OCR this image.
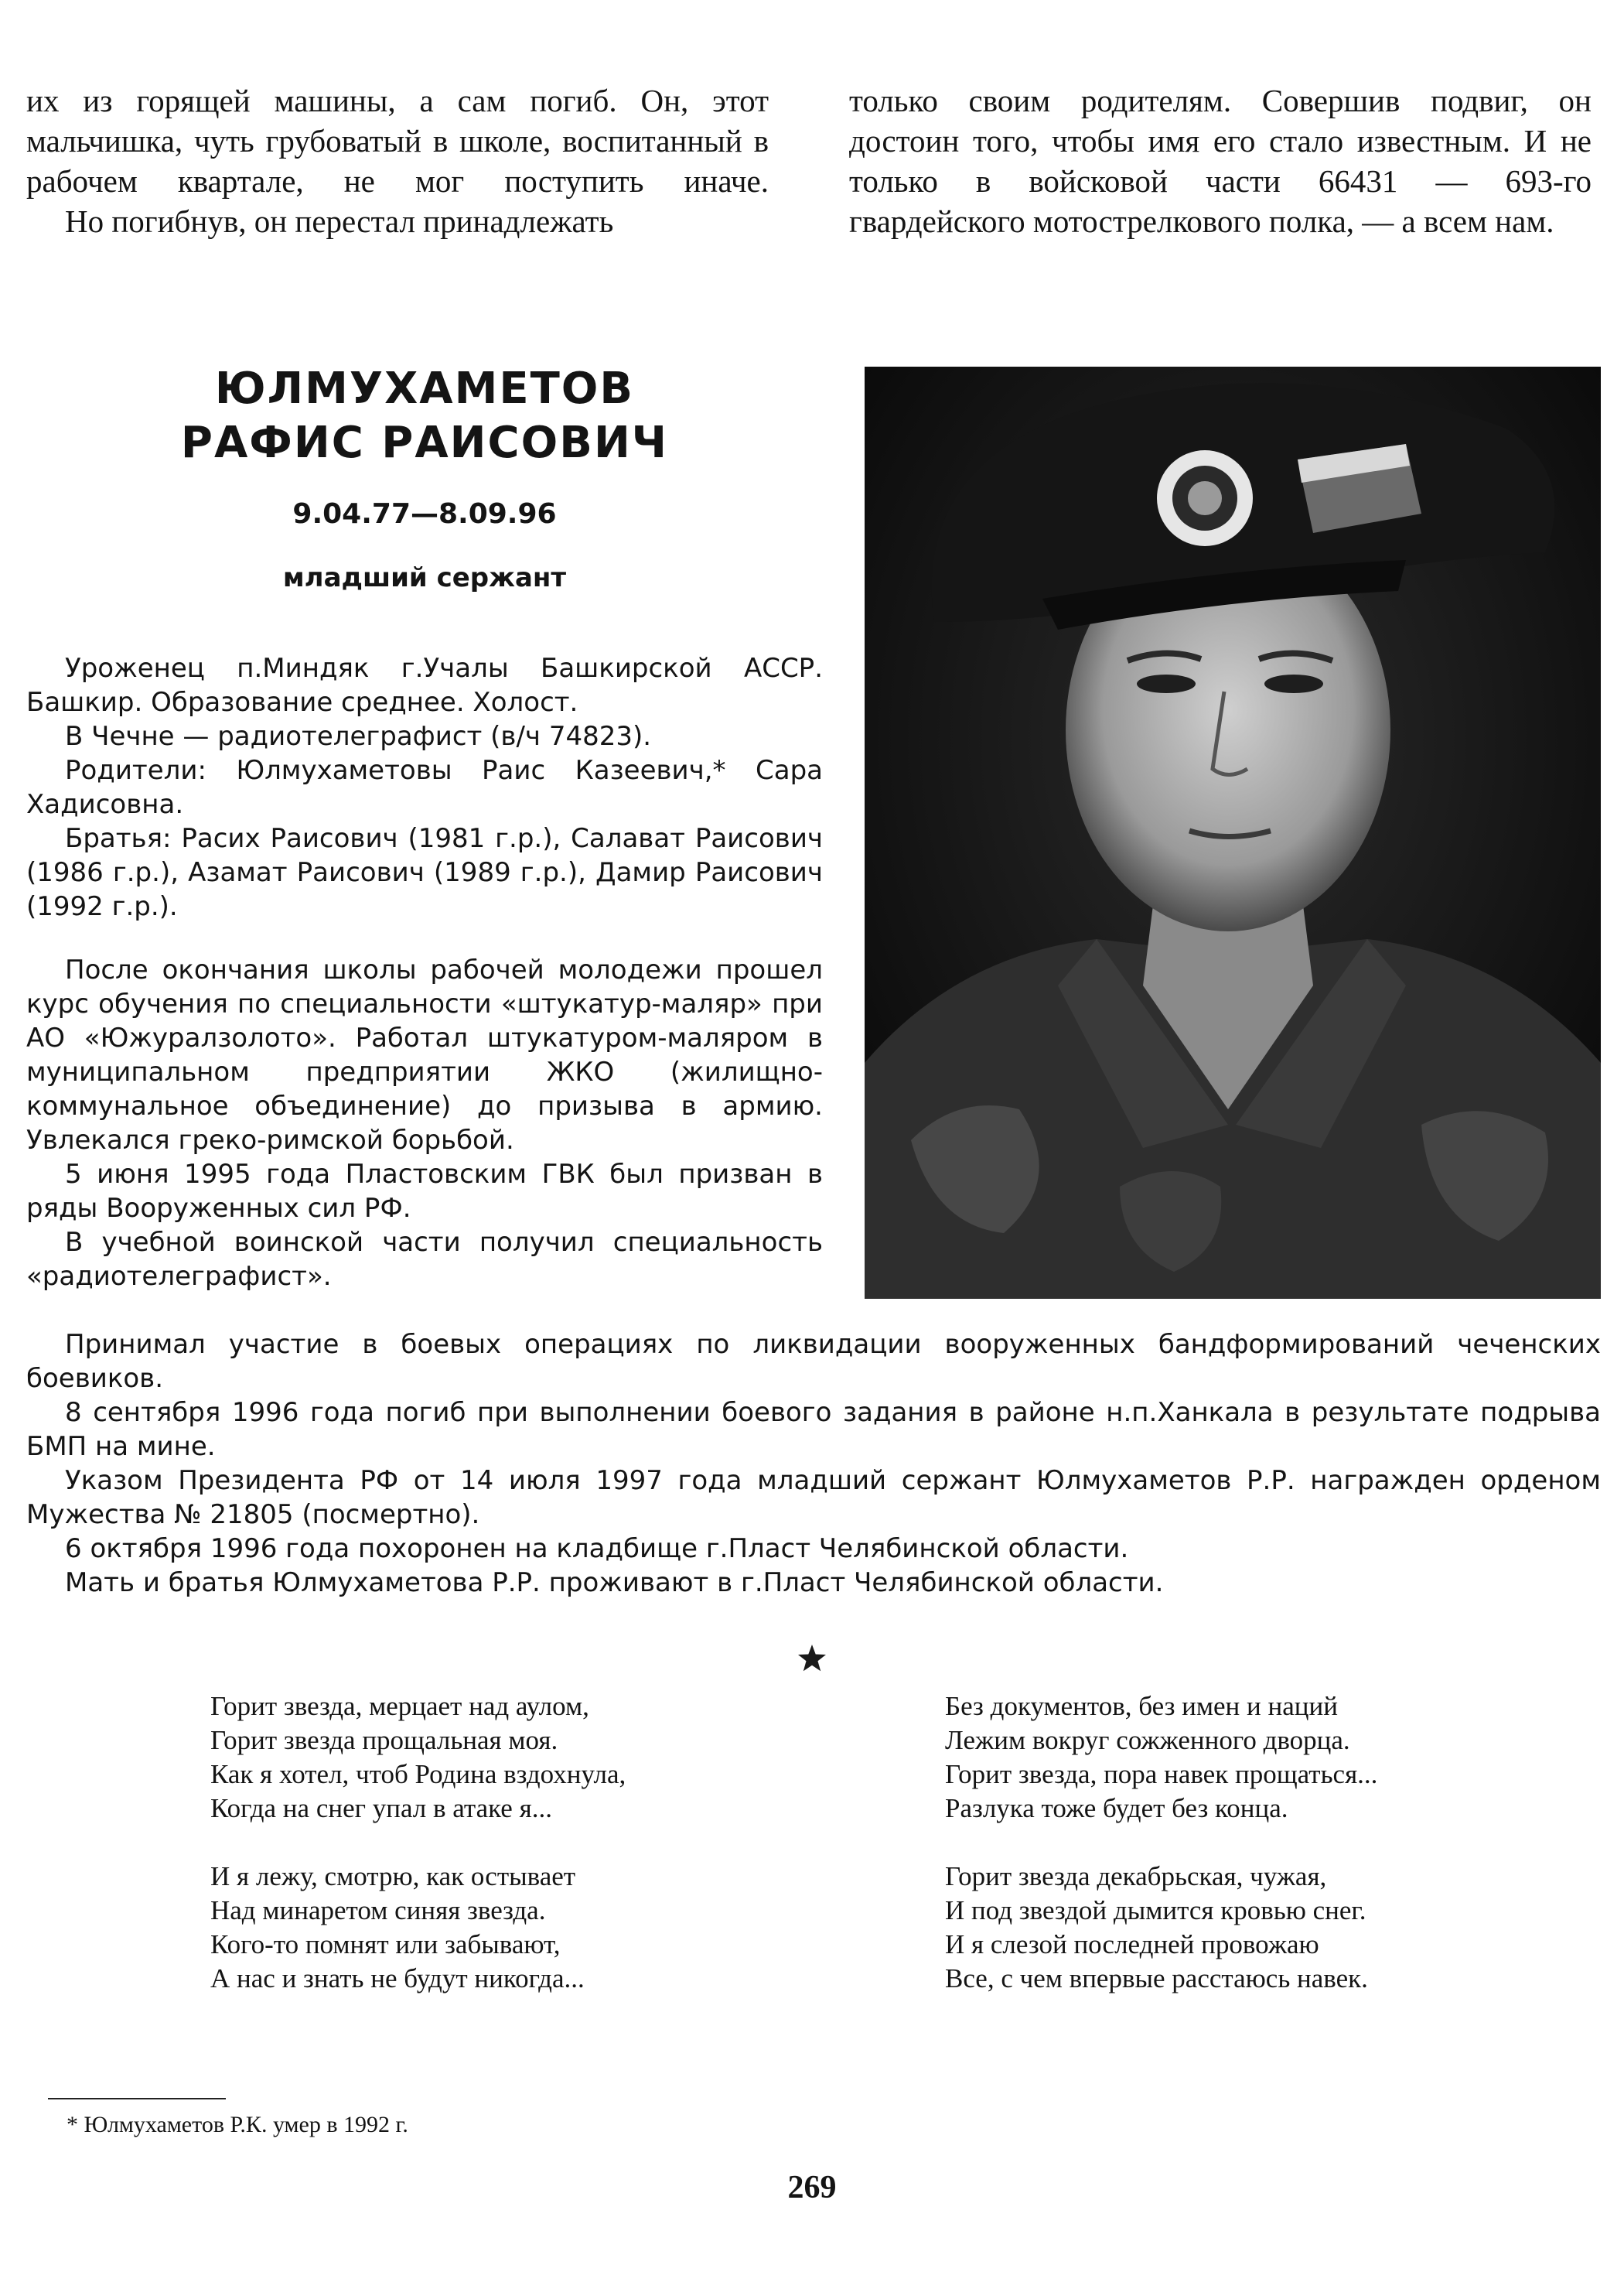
их из горящей машины, а сам погиб. Он, этот мальчишка, чуть грубоватый в школе, воспитанный в рабочем квартале, не мог поступить иначе.

Но погибнув, он перестал принадлежать

только своим родителям. Совершив подвиг, он достоин того, чтобы имя его стало известным. И не только в войсковой части 66431 — 693-го гвардейского мотострелкового полка, — а всем нам.

ЮЛМУХАМЕТОВ
РАФИС РАИСОВИЧ
9.04.77—8.09.96
младший сержант

Уроженец п.Миндяк г.Учалы Башкирской АССР. Башкир. Образование среднее. Холост.

В Чечне — радиотелеграфист (в/ч 74823).

Родители: Юлмухаметовы Раис Казеевич,* Сара Хадисовна.

Братья: Расих Раисович (1981 г.р.), Салават Раисович (1986 г.р.), Азамат Раисович (1989 г.р.), Дамир Раисович (1992 г.р.).

После окончания школы рабочей молодежи прошел курс обучения по специальности «штукатур-маляр» при АО «Южуралзолото». Работал штукатуром-маляром в муниципальном предприятии ЖКО (жилищно-коммунальное объединение) до призыва в армию. Увлекался греко-римской борьбой.

5 июня 1995 года Пластовским ГВК был призван в ряды Вооруженных сил РФ.

В учебной воинской части получил специальность «радиотелеграфист».

Принимал участие в боевых операциях по ликвидации вооруженных бандформирований чеченских боевиков.

8 сентября 1996 года погиб при выполнении боевого задания в районе н.п.Ханкала в результате подрыва БМП на мине.

Указом Президента РФ от 14 июля 1997 года младший сержант Юлмухаметов Р.Р. награжден орденом Мужества № 21805 (посмертно).

6 октября 1996 года похоронен на кладбище г.Пласт Челябинской области.

Мать и братья Юлмухаметова Р.Р. проживают в г.Пласт Челябинской области.

Горит звезда, мерцает над аулом,
Горит звезда прощальная моя.
Как я хотел, чтоб Родина вздохнула,
Когда на снег упал в атаке я...
И я лежу, смотрю, как остывает
Над минаретом синяя звезда.
Кого-то помнят или забывают,
А нас и знать не будут никогда...
Без документов, без имен и наций
Лежим вокруг сожженного дворца.
Горит звезда, пора навек прощаться...
Разлука тоже будет без конца.
Горит звезда декабрьская, чужая,
И под звездой дымится кровью снег.
И я слезой последней провожаю
Все, с чем впервые расстаюсь навек.
* Юлмухаметов Р.К. умер в 1992 г.
269
